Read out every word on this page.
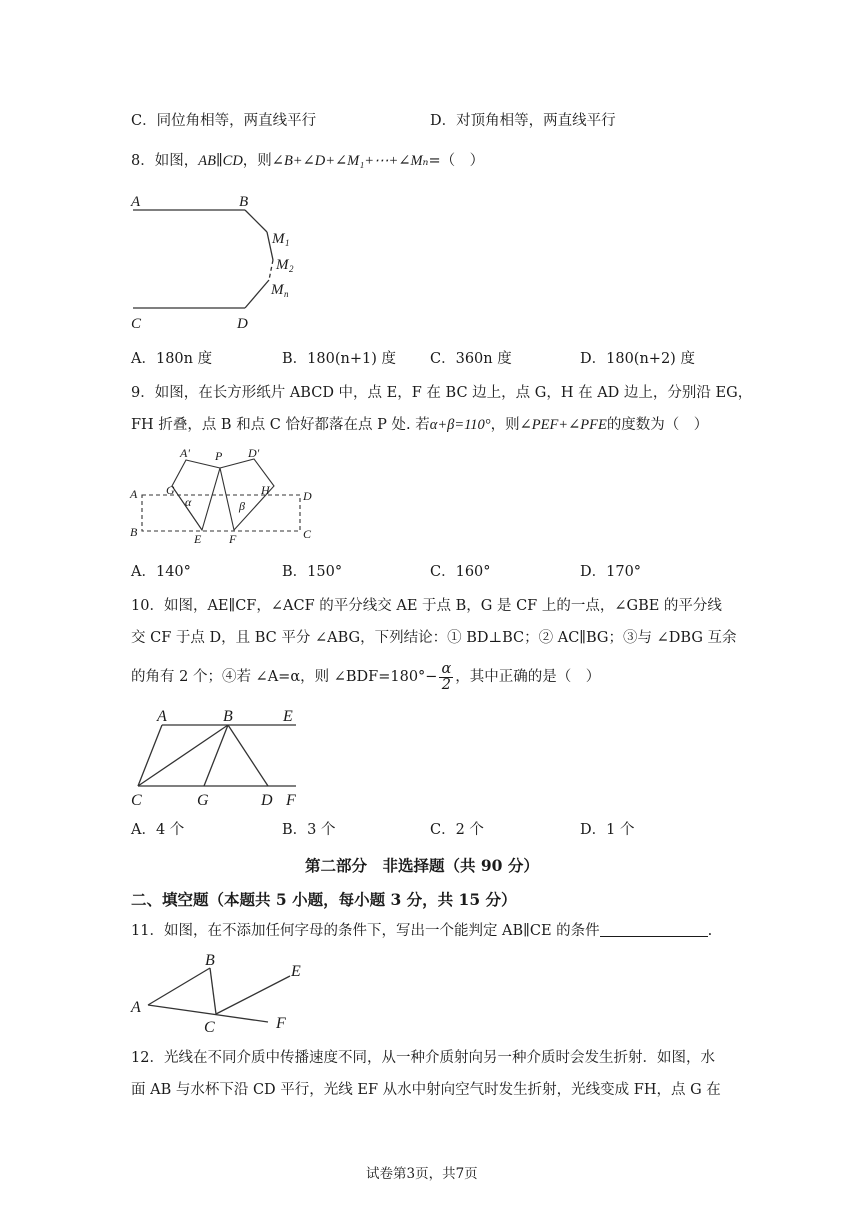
C．同位角相等，两直线平行	D．对顶角相等，两直线平行
8．如图，AB∥CD，则∠B+∠D+∠M₁+⋯+∠Mₙ=（　）
A	B
M 1
M 2
M n
C	D
A．180n 度	B．180(n+1) 度 C．360n 度	D．180(n+2) 度
9．如图，在长方形纸片 ABCD 中，点 E，F 在 BC 边上，点 G，H 在 AD 边上，分别沿 EG，
FH 折叠，点 B 和点 C 恰好都落在点 P 处. 若α+β=110°，则∠PEF+∠PFE的度数为（　）
A' P D'
A G
α
H	D
β
B	E F	C
A．140°	B．150°	C．160°	D．170°
10．如图，AE∥CF，∠ACF 的平分线交 AE 于点 B，G 是 CF 上的一点，∠GBE 的平分线
交 CF 于点 D，且 BC 平分 ∠ABG，下列结论：① BD⊥BC；② AC∥BG；③与 ∠DBG 互余
的角有 2 个；④若 ∠A=α，则 ∠BDF=180°− $\frac{\alpha}{2}$ ，其中正确的是（　）
A	B	E
C	G	D F
A．4 个	B．3 个	C．2 个	D．1 个
第二部分　非选择题（共 90 分）
二、填空题（本题共 5 小题，每小题 3 分，共 15 分）
11．如图，在不添加任何字母的条件下，写出一个能判定 AB∥CE 的条件	.
B
A
C
E
F
12．光线在不同介质中传播速度不同，从一种介质射向另一种介质时会发生折射．如图，水
面 AB 与水杯下沿 CD 平行，光线 EF 从水中射向空气时发生折射，光线变成 FH，点 G 在
试卷第3页，共7页
